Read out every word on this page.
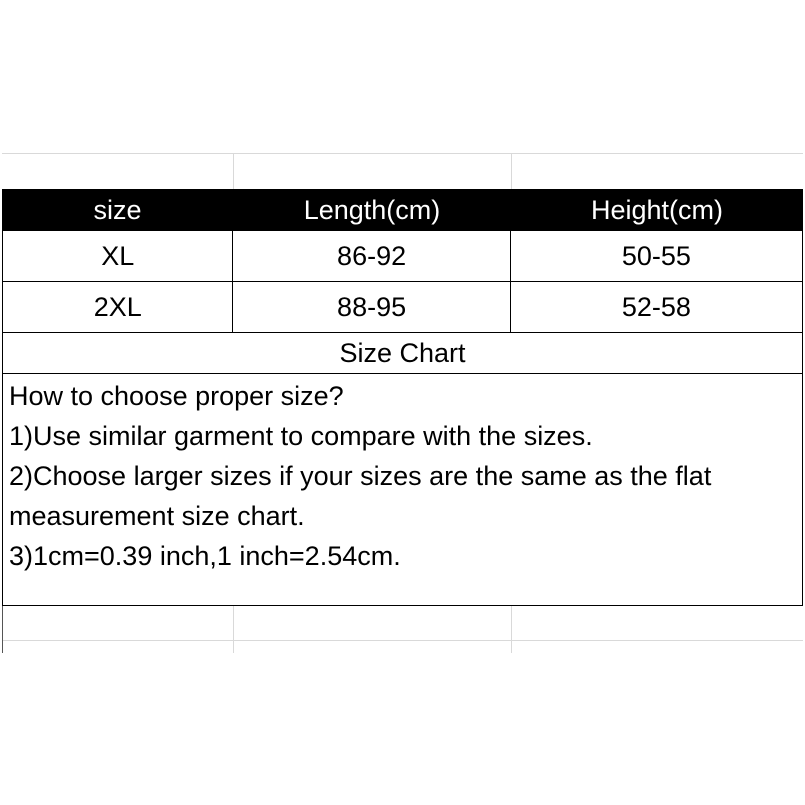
size	Length(cm)	Height(cm)
XL	86-92	50-55
2XL	88-95	52-58
Size Chart

How to choose proper size?

1)Use similar garment to compare with the sizes.

2)Choose larger sizes if your sizes are the same as the flat measurement size chart.

3)1cm=0.39 inch,1 inch=2.54cm.
